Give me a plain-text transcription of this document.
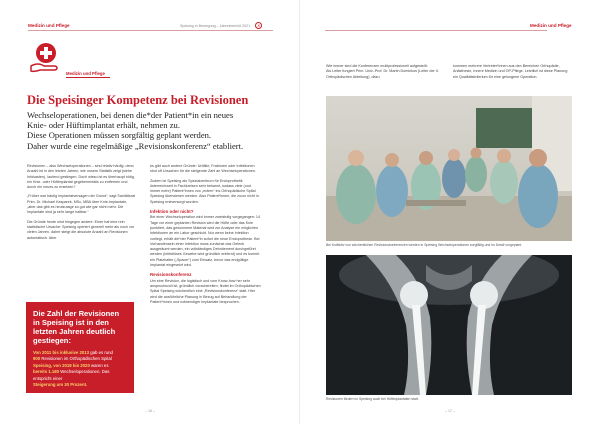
Medizin und Pflege
Medizin und Pflege
Die Speisinger Kompetenz bei Revisionen
Wechseloperationen, bei denen die*der Patient*in ein neues
Knie- oder Hüftimplantat erhält, nehmen zu.
Diese Operationen müssen sorgfältig geplant werden.
Daher wurde eine regelmäßige „Revisionskonferenz“ etabliert.

Revisionen – also Wechseloperationen – sind relativ häufig: denn Anzahl ist in den letzten Jahren, wie unsere Statistik zeigt (siehe Infokasten), laufend gestiegen. Doch wieso ist es überhaupt nötig, ein Knie- oder Hüftimplantat gegebenenfalls zu entfernen und durch ein neues zu ersetzen?

„Früher war häufig Implantatversagen der Grund“, sagt Sanitätsrat Prim. Dr. Michael Kasparek, MSc, MBA über Knie-Implantate, „aber das gibt es heutzutage so gut wie gar nicht mehr. Die Implantate sind ja sehr lange haltbar.“

Die Gründe heute sind hingegen andere: Einer hat eine rein statistische Ursache: Speising operiert generell mehr als noch vor vielen Jahren, daher steigt die absolute Anzahl an Revisionen automatisch. Aber

es gibt auch andere Gründe: Unfälle, Frakturen oder Infektionen sind oft Ursachen für die steigende Zahl an Wechseloperationen.

Zudem ist Speising als Spezialzentrum für Endoprothetik österreichweit in Fachkreisen sehr bekannt, sodass viele (und immer mehr) Patient*innen von „extern“ ins Orthopädische Spital Speising überwiesen werden. Also Patient*innen, die zuvor nicht in Speising erstversorgt wurden.

Infektion oder nicht?

Bei einer Wechseloperation wird immer zweistufig vorgegangen: 14 Tage vor einer geplanten Revision wird die Hüfte oder das Knie punktiert, das gewonnene Material wird zur Analyse ein möglichen Infektionen an ein Labor geschickt. Nur wenn keine Infektion vorliegt, erhält die*der Patient*in sofort die neue Endoprothese. Bei Vorhandensein einer Infektion muss zunächst das Gelenk ausgeräumt werden, ein vollständiges Debridement durchgeführt werden (infektiöses Gewebe wird gründlich entfernt) und es kommt ein Platzhalter („Spacer“) zum Einsatz, bevor das endgültige Implantat eingesetzt wird.

Revisionskonferenz

Um eine Revision, die logistisch und vom Know-how her sehr anspruchsvoll ist, gründlich vorzubereiten, findet im Orthopädischen Spital Speising wöchentlich eine „Revisionskonferenz“ statt. Hier wird die ausführliche Planung in Bezug auf Behandlung der Patient*innen und notwendiger Implantate besprochen.

Die Zahl der Revisionen in Speising ist in den letzten Jahren deutlich gestiegen:
Von 2011 bis inklusive 2013 gab es rund
900 Revisionen im Orthopädischen Spital
Speising, von 2018 bis 2020 waren es
bereits 1.180 Wechseloperationen. Das entspricht einer
Steigerung um 30 Prozent.
– 16 –
Speising in Bewegung – Jahresbericht 2021	✕	Medizin und Pflege

Wie immer sind die Konferenzen multiprofessionell aufgestellt:

Als Leiter fungiert Prim. Univ.-Prof. Dr. Martin Dominkus (Leiter der II. Orthopädischen Abteilung), dazu

kommen mehrere Vertreter*innen aus den Bereichen Orthopädie, Anästhesie, Innere Medizin und OP-Pflege. Letztlich ist diese Planung ein Qualitätskriterium für eine gelungene Operation.

Bei Kollektiv von wöchentlichen Revisionskonferenzen werden in Speising Wechseloperationen sorgfältig und im Detail vorgeplant.
Revisionen fördern in Speising auch bei Hüftimplantaten statt.
– 17 –
